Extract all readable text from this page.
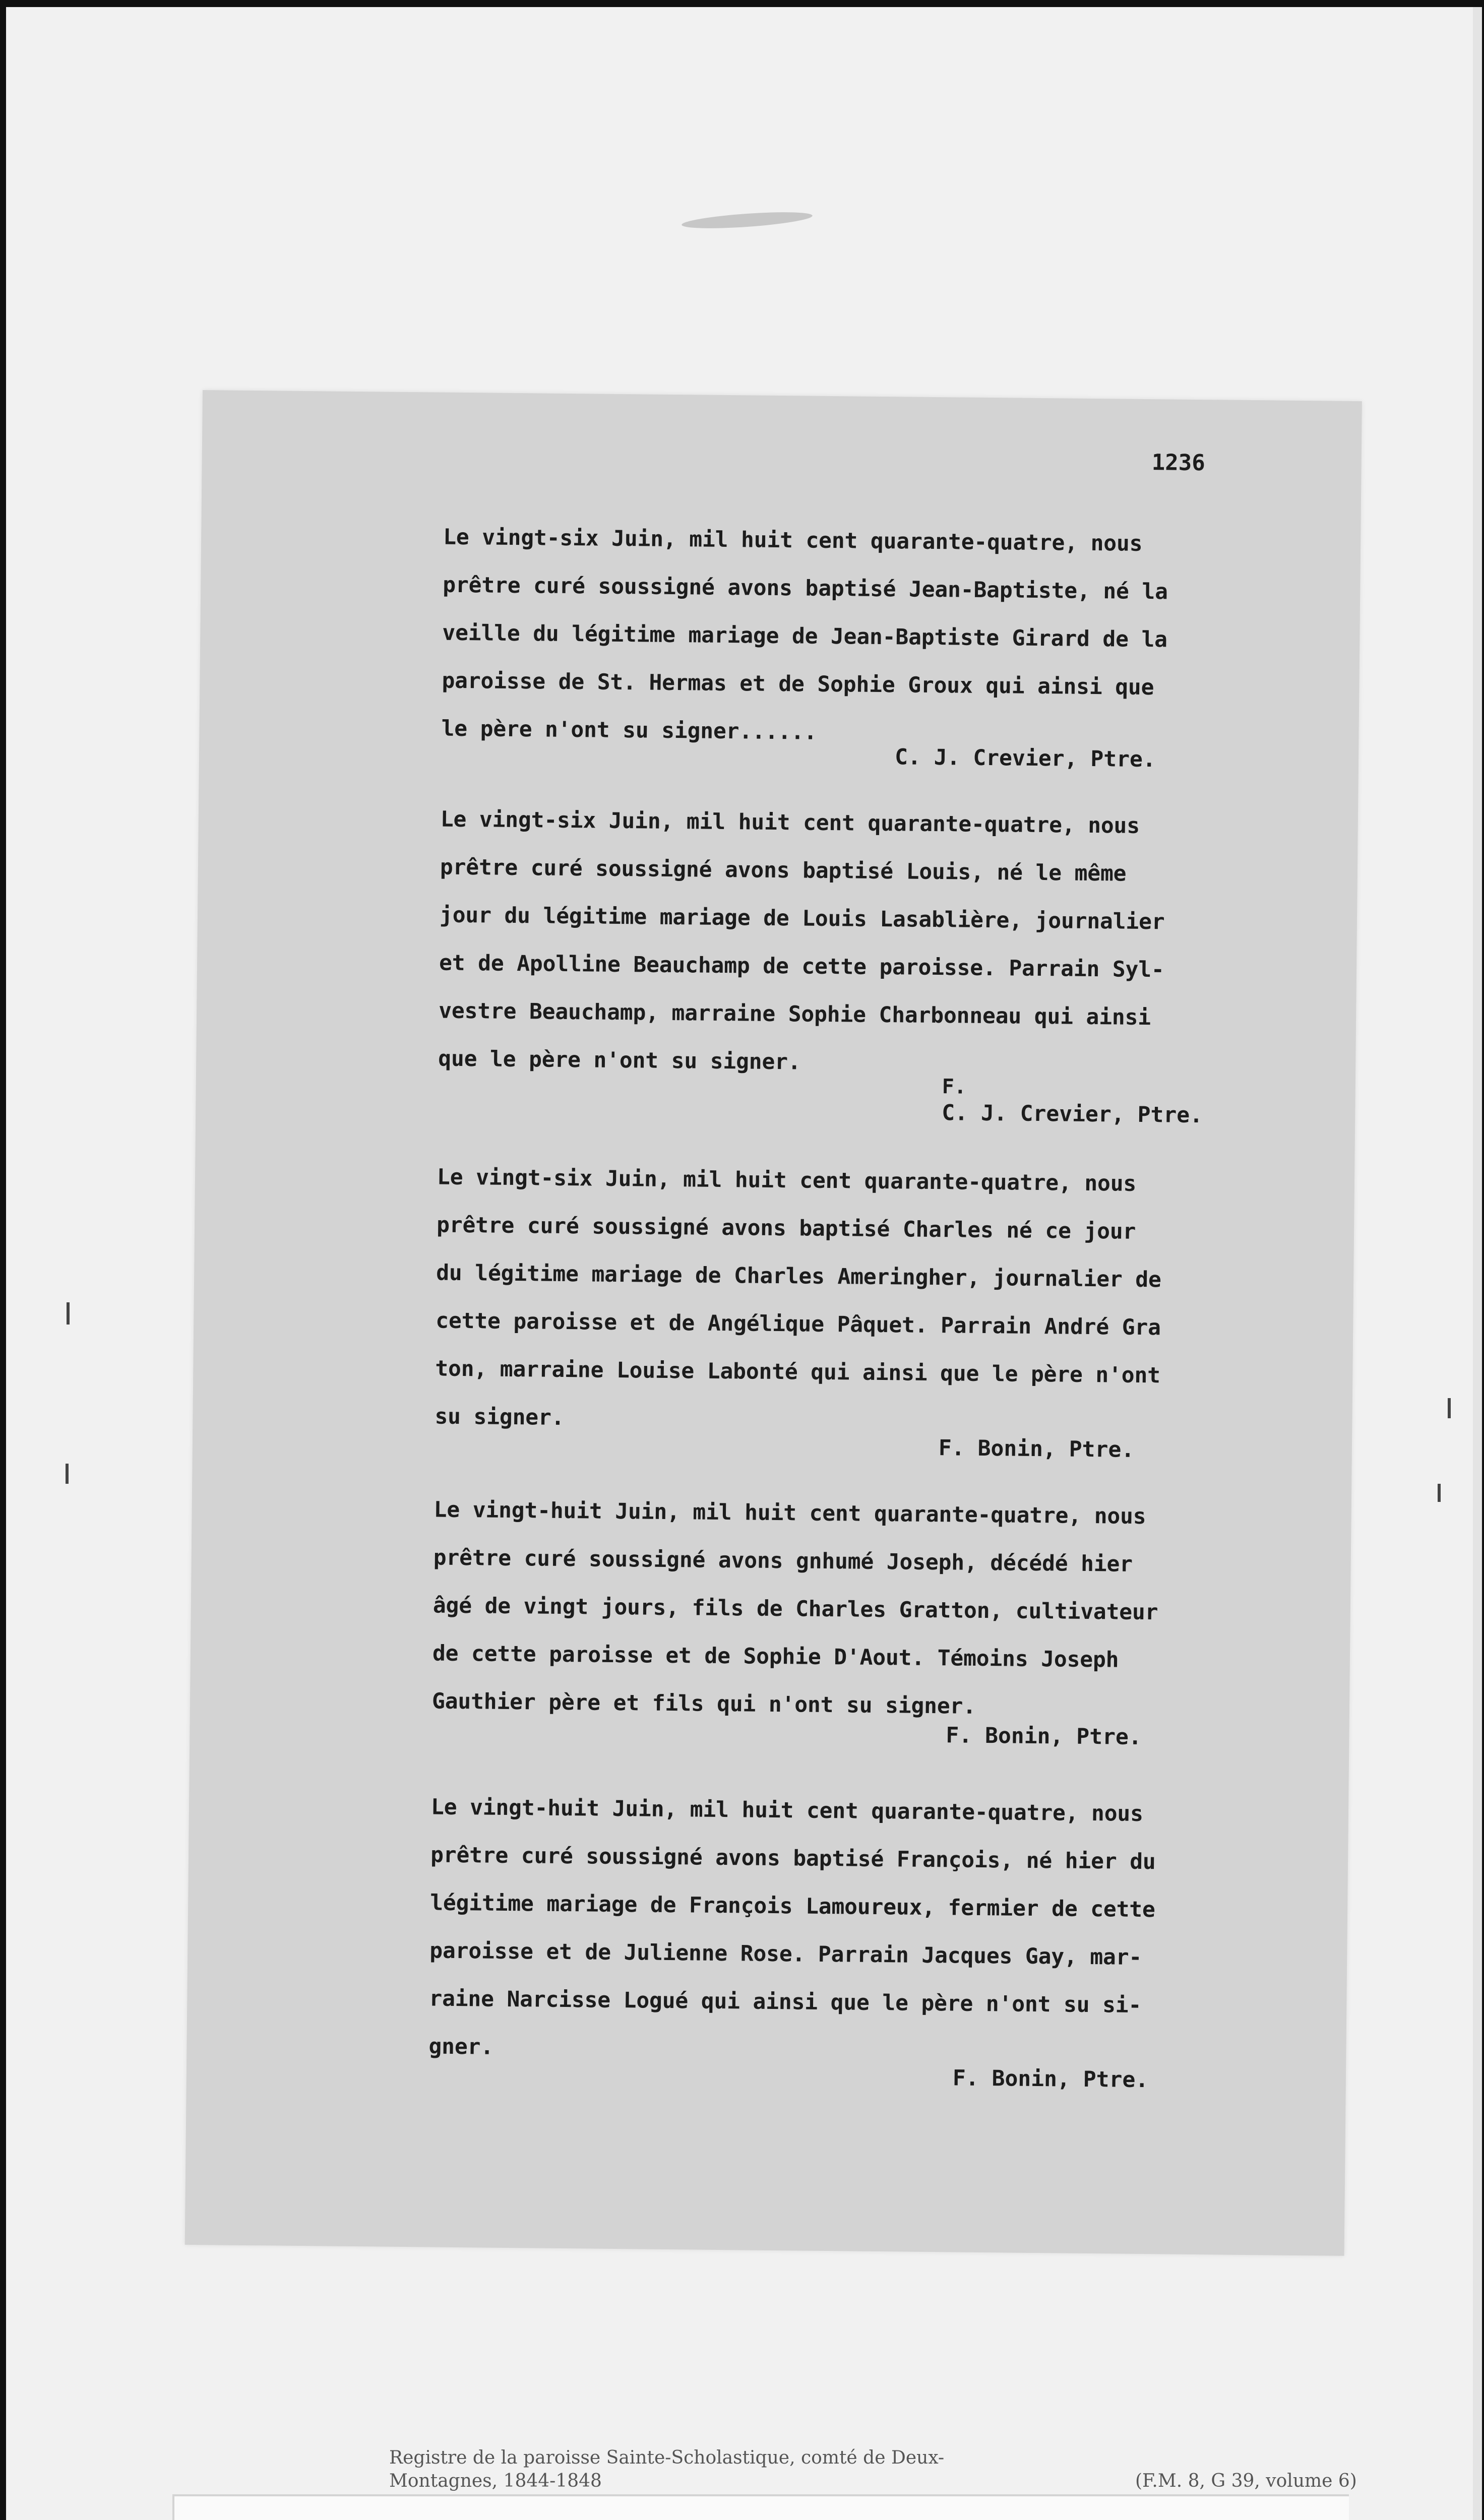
1236
Le vingt-six Juin, mil huit cent quarante-quatre, nous
prêtre curé soussigné avons baptisé Jean-Baptiste, né la
veille du légitime mariage de Jean-Baptiste Girard de la
paroisse de St. Hermas et de Sophie Groux qui ainsi que
le père n'ont su signer......
C. J. Crevier, Ptre.
Le vingt-six Juin, mil huit cent quarante-quatre, nous
prêtre curé soussigné avons baptisé Louis, né le même
jour du légitime mariage de Louis Lasablière, journalier
et de Apolline Beauchamp de cette paroisse. Parrain Syl-
vestre Beauchamp, marraine Sophie Charbonneau qui ainsi
que le père n'ont su signer.
F.
C. J. Crevier, Ptre.
Le vingt-six Juin, mil huit cent quarante-quatre, nous
prêtre curé soussigné avons baptisé Charles né ce jour
du légitime mariage de Charles Ameringher, journalier de
cette paroisse et de Angélique Pâquet. Parrain André Gra
ton, marraine Louise Labonté qui ainsi que le père n'ont
su signer.
F. Bonin, Ptre.
Le vingt-huit Juin, mil huit cent quarante-quatre, nous
prêtre curé soussigné avons gnhumé Joseph, décédé hier
âgé de vingt jours, fils de Charles Gratton, cultivateur
de cette paroisse et de Sophie D'Aout. Témoins Joseph
Gauthier père et fils qui n'ont su signer.
F. Bonin, Ptre.
Le vingt-huit Juin, mil huit cent quarante-quatre, nous
prêtre curé soussigné avons baptisé François, né hier du
légitime mariage de François Lamoureux, fermier de cette
paroisse et de Julienne Rose. Parrain Jacques Gay, mar-
raine Narcisse Logué qui ainsi que le père n'ont su si-
gner.
F. Bonin, Ptre.
Registre de la paroisse Sainte-Scholastique, comté de Deux-
Montagnes, 1844-1848	(F.M. 8, G 39, volume 6)
